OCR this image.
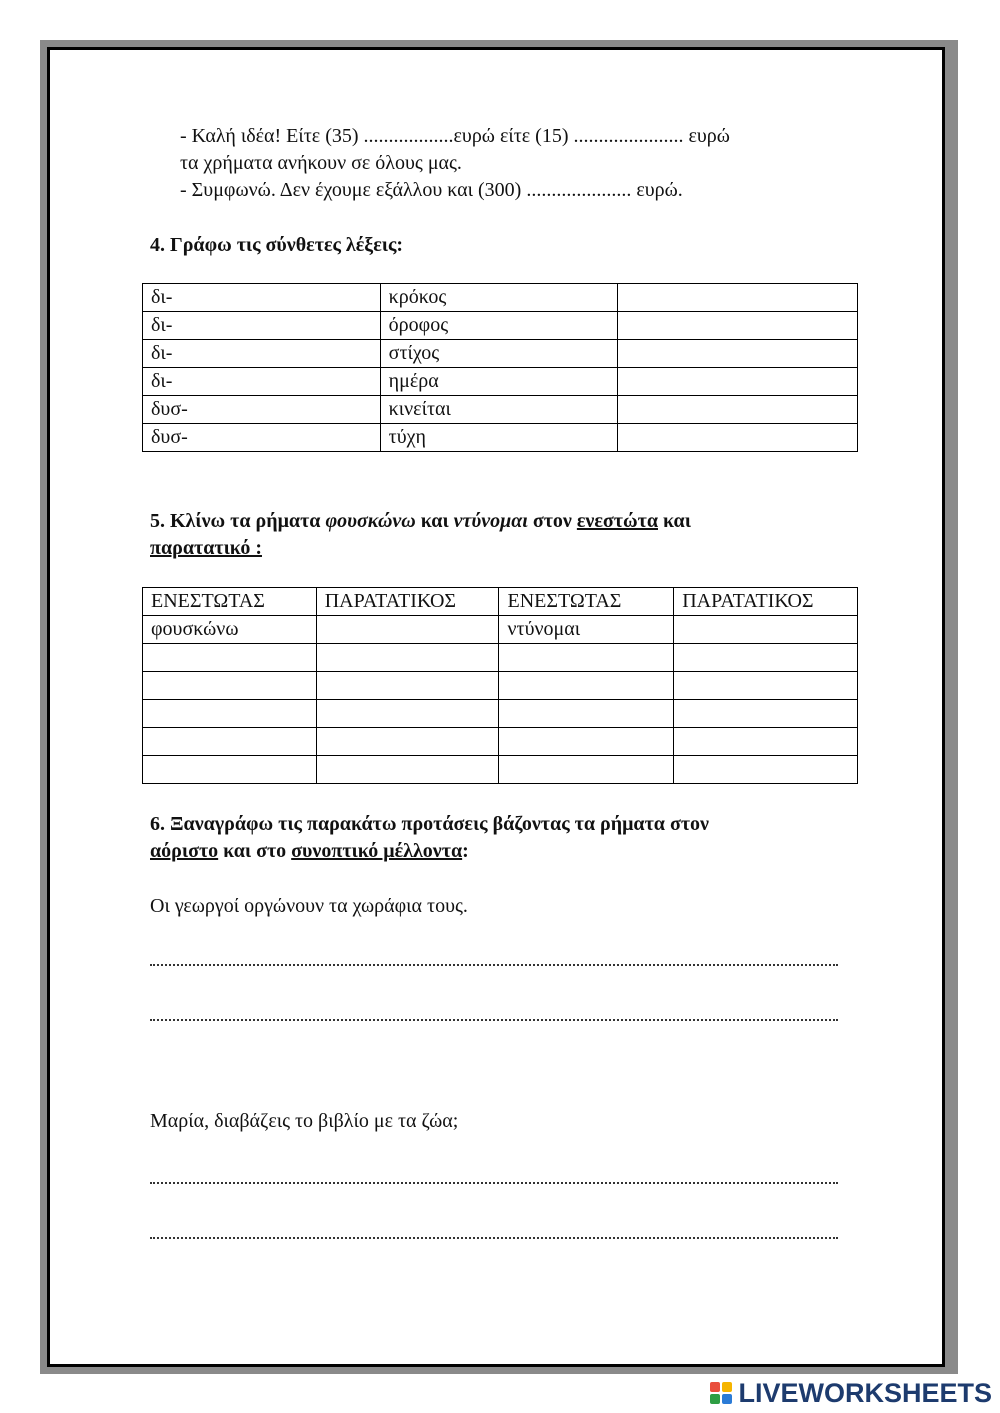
- Καλή ιδέα! Είτε (35) ..................ευρώ είτε (15) ...................... ευρώ
τα χρήματα ανήκουν σε όλους μας.
- Συμφωνώ. Δεν έχουμε εξάλλου και (300) ..................... ευρώ.
4. Γράφω τις σύνθετες λέξεις:
δι-	κρόκος	
δι-	όροφος	
δι-	στίχος	
δι-	ημέρα	
δυσ-	κινείται	
δυσ-	τύχη	
5. Κλίνω τα ρήματα φουσκώνω και ντύνομαι στον ενεστώτα και
παρατατικό :
ΕΝΕΣΤΩΤΑΣ	ΠΑΡΑΤΑΤΙΚΟΣ	ΕΝΕΣΤΩΤΑΣ	ΠΑΡΑΤΑΤΙΚΟΣ
φουσκώνω		ντύνομαι	

6. Ξαναγράφω τις παρακάτω προτάσεις βάζοντας τα ρήματα στον
αόριστο και στο συνοπτικό μέλλοντα:
Οι γεωργοί οργώνουν τα χωράφια τους.
Μαρία, διαβάζεις το βιβλίο με τα ζώα;
LIVEWORKSHEETS
